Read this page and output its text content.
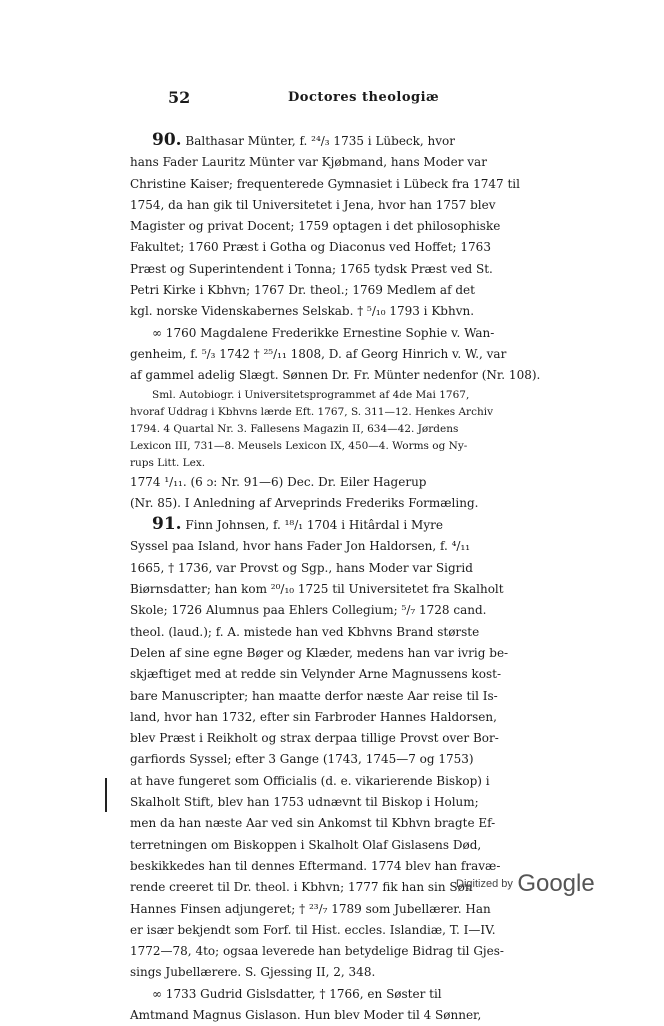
52	Doctores theologiæ
90. Balthasar Münter, f. ²⁴/₃ 1735 i Lübeck, hvor
hans Fader Lauritz Münter var Kjøbmand, hans Moder var
Christine Kaiser; frequenterede Gymnasiet i Lübeck fra 1747 til
1754, da han gik til Universitetet i Jena, hvor han 1757 blev
Magister og privat Docent; 1759 optagen i det philosophiske
Fakultet; 1760 Præst i Gotha og Diaconus ved Hoffet; 1763
Præst og Superintendent i Tonna; 1765 tydsk Præst ved St.
Petri Kirke i Kbhvn; 1767 Dr. theol.; 1769 Medlem af det
kgl. norske Videnskabernes Selskab. † ⁵/₁₀ 1793 i Kbhvn.
∞ 1760 Magdalene Frederikke Ernestine Sophie v. Wan-
genheim, f. ⁵/₃ 1742 † ²⁵/₁₁ 1808, D. af Georg Hinrich v. W., var
af gammel adelig Slægt. Sønnen Dr. Fr. Münter nedenfor (Nr. 108).
Sml. Autobiogr. i Universitetsprogrammet af 4de Mai 1767,
hvoraf Uddrag i Kbhvns lærde Eft. 1767, S. 311—12. Henkes Archiv
1794. 4 Quartal Nr. 3. Fallesens Magazin II, 634—42. Jørdens
Lexicon III, 731—8. Meusels Lexicon IX, 450—4. Worms og Ny-
rups Litt. Lex.
1774 ¹/₁₁. (6 ɔ: Nr. 91—6) Dec. Dr. Eiler Hagerup
(Nr. 85). I Anledning af Arveprinds Frederiks Formæling.
91. Finn Johnsen, f. ¹⁸/₁ 1704 i Hitârdal i Myre
Syssel paa Island, hvor hans Fader Jon Haldorsen, f. ⁴/₁₁
1665, † 1736, var Provst og Sgp., hans Moder var Sigrid
Biørnsdatter; han kom ²⁰/₁₀ 1725 til Universitetet fra Skalholt
Skole; 1726 Alumnus paa Ehlers Collegium; ⁵/₇ 1728 cand.
theol. (laud.); f. A. mistede han ved Kbhvns Brand største
Delen af sine egne Bøger og Klæder, medens han var ivrig be-
skjæftiget med at redde sin Velynder Arne Magnussens kost-
bare Manuscripter; han maatte derfor næste Aar reise til Is-
land, hvor han 1732, efter sin Farbroder Hannes Haldorsen,
blev Præst i Reikholt og strax derpaa tillige Provst over Bor-
garfiords Syssel; efter 3 Gange (1743, 1745—7 og 1753)
at have fungeret som Officialis (d. e. vikarierende Biskop) i
Skalholt Stift, blev han 1753 udnævnt til Biskop i Holum;
men da han næste Aar ved sin Ankomst til Kbhvn bragte Ef-
terretningen om Biskoppen i Skalholt Olaf Gislasens Død,
beskikkedes han til dennes Eftermand. 1774 blev han fravæ-
rende creeret til Dr. theol. i Kbhvn; 1777 fik han sin Søn
Hannes Finsen adjungeret; † ²³/₇ 1789 som Jubellærer. Han
er især bekjendt som Forf. til Hist. eccles. Islandiæ, T. I—IV.
1772—78, 4to; ogsaa leverede han betydelige Bidrag til Gjes-
sings Jubellærere. S. Gjessing II, 2, 348.
∞ 1733 Gudrid Gislsdatter, † 1766, en Søster til
Amtmand Magnus Gislason. Hun blev Moder til 4 Sønner,
$^{Digitized by}$ Google
